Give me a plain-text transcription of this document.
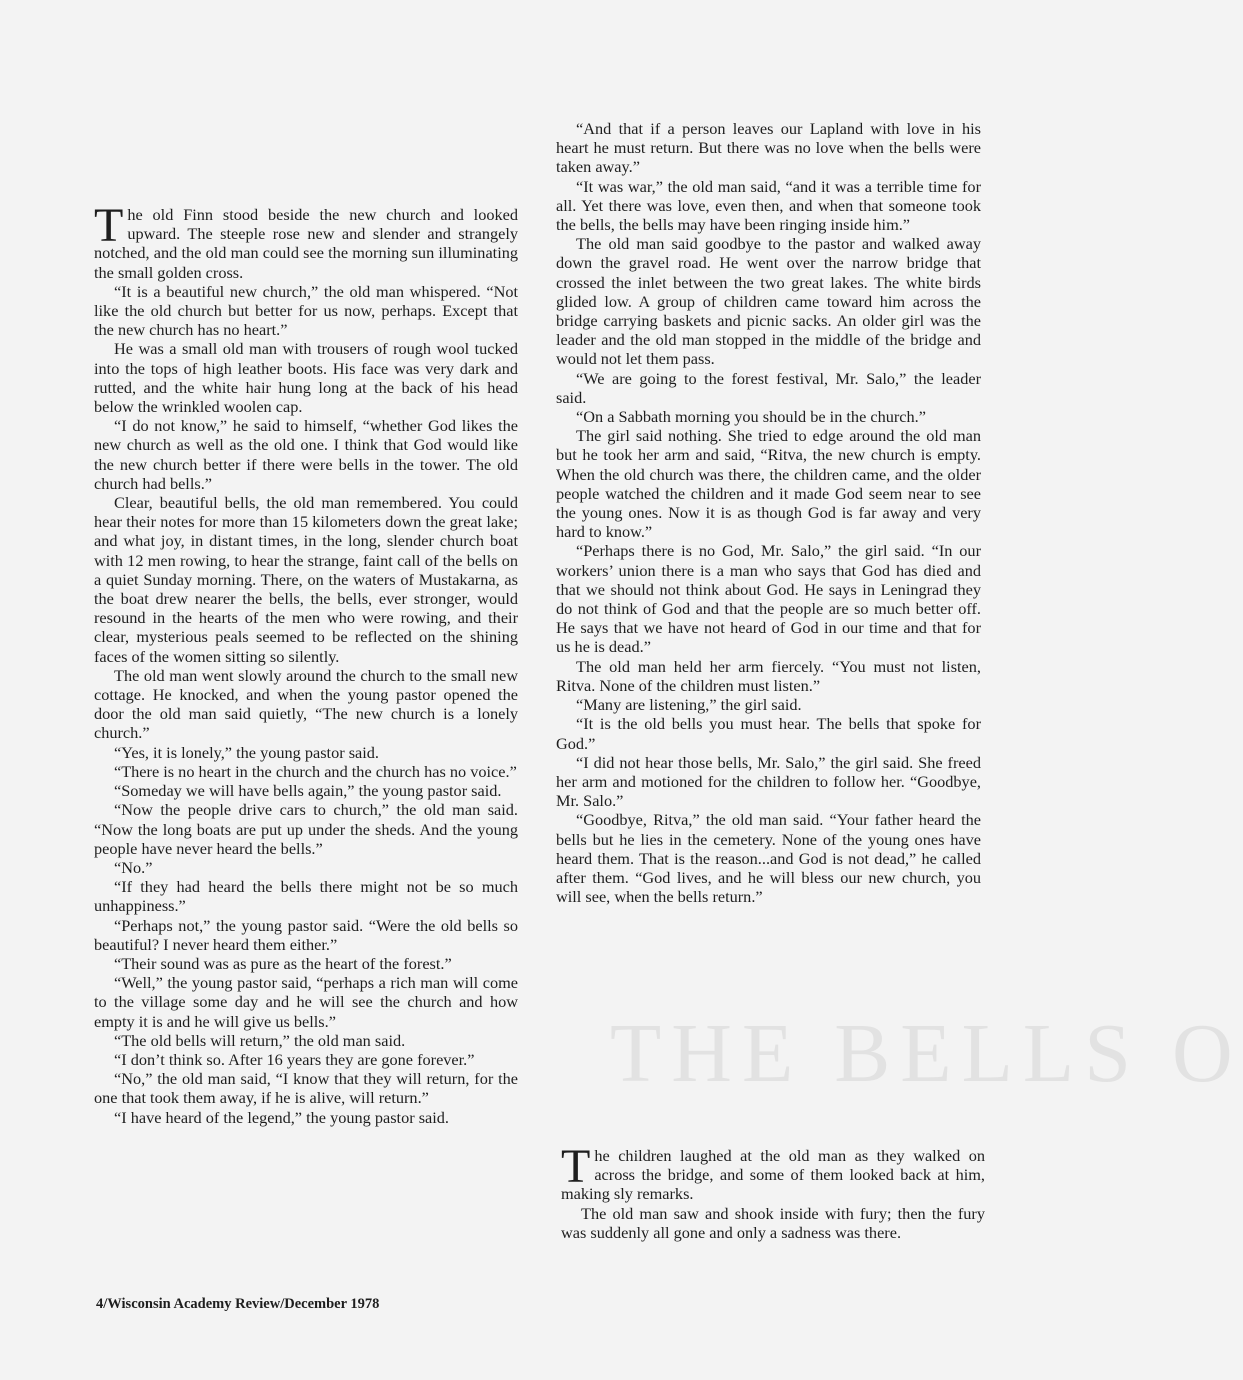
THE BELLS O

The old Finn stood beside the new church and looked upward. The steeple rose new and slender and strangely notched, and the old man could see the morning sun illuminating the small golden cross.

“It is a beautiful new church,” the old man whispered. “Not like the old church but better for us now, perhaps. Except that the new church has no heart.”

He was a small old man with trousers of rough wool tucked into the tops of high leather boots. His face was very dark and rutted, and the white hair hung long at the back of his head below the wrinkled woolen cap.

“I do not know,” he said to himself, “whether God likes the new church as well as the old one. I think that God would like the new church better if there were bells in the tower. The old church had bells.”

Clear, beautiful bells, the old man remembered. You could hear their notes for more than 15 kilometers down the great lake; and what joy, in distant times, in the long, slender church boat with 12 men rowing, to hear the strange, faint call of the bells on a quiet Sunday morning. There, on the waters of Mustakarna, as the boat drew nearer the bells, the bells, ever stronger, would resound in the hearts of the men who were rowing, and their clear, mysterious peals seemed to be reflected on the shining faces of the women sitting so silently.

The old man went slowly around the church to the small new cottage. He knocked, and when the young pastor opened the door the old man said quietly, “The new church is a lonely church.”

“Yes, it is lonely,” the young pastor said.

“There is no heart in the church and the church has no voice.”

“Someday we will have bells again,” the young pastor said.

“Now the people drive cars to church,” the old man said. “Now the long boats are put up under the sheds. And the young people have never heard the bells.”

“No.”

“If they had heard the bells there might not be so much unhappiness.”

“Perhaps not,” the young pastor said. “Were the old bells so beautiful? I never heard them either.”

“Their sound was as pure as the heart of the forest.”

“Well,” the young pastor said, “perhaps a rich man will come to the village some day and he will see the church and how empty it is and he will give us bells.”

“The old bells will return,” the old man said.

“I don’t think so. After 16 years they are gone forever.”

“No,” the old man said, “I know that they will return, for the one that took them away, if he is alive, will return.”

“I have heard of the legend,” the young pastor said.

“And that if a person leaves our Lapland with love in his heart he must return. But there was no love when the bells were taken away.”

“It was war,” the old man said, “and it was a terrible time for all. Yet there was love, even then, and when that someone took the bells, the bells may have been ringing inside him.”

The old man said goodbye to the pastor and walked away down the gravel road. He went over the narrow bridge that crossed the inlet between the two great lakes. The white birds glided low. A group of children came toward him across the bridge carrying baskets and picnic sacks. An older girl was the leader and the old man stopped in the middle of the bridge and would not let them pass.

“We are going to the forest festival, Mr. Salo,” the leader said.

“On a Sabbath morning you should be in the church.”

The girl said nothing. She tried to edge around the old man but he took her arm and said, “Ritva, the new church is empty. When the old church was there, the children came, and the older people watched the children and it made God seem near to see the young ones. Now it is as though God is far away and very hard to know.”

“Perhaps there is no God, Mr. Salo,” the girl said. “In our workers’ union there is a man who says that God has died and that we should not think about God. He says in Leningrad they do not think of God and that the people are so much better off. He says that we have not heard of God in our time and that for us he is dead.”

The old man held her arm fiercely. “You must not listen, Ritva. None of the children must listen.”

“Many are listening,” the girl said.

“It is the old bells you must hear. The bells that spoke for God.”

“I did not hear those bells, Mr. Salo,” the girl said. She freed her arm and motioned for the children to follow her. “Goodbye, Mr. Salo.”

“Goodbye, Ritva,” the old man said. “Your father heard the bells but he lies in the cemetery. None of the young ones have heard them. That is the reason...and God is not dead,” he called after them. “God lives, and he will bless our new church, you will see, when the bells return.”

The children laughed at the old man as they walked on across the bridge, and some of them looked back at him, making sly remarks.

The old man saw and shook inside with fury; then the fury was suddenly all gone and only a sadness was there.

4/Wisconsin Academy Review/December 1978
